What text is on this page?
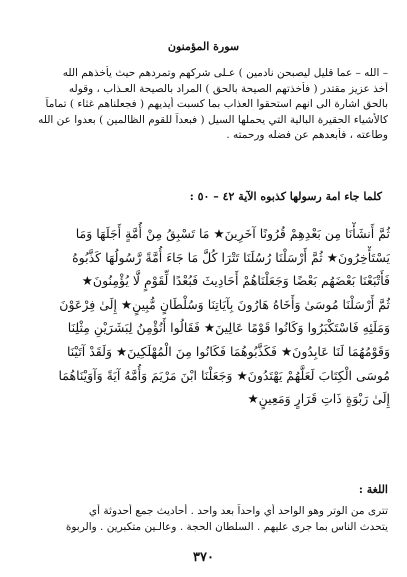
سورة المؤمنون

– الله – عما قليل ليصبحن نادمين ) عـلى شركهم وتمردهم حيث يأخذهم الله

أخذ عزيز مقتدر ( فأخذتهم الصيحة بالحق ) المراد بالصيحة العـذاب ، وقوله

بالحق اشارة الى انهم استحقوا العذاب بما كسبت أيديهم ( فجعلناهم غثاء ) تماماً

كالأشياء الحقيرة البالية التي يحملها السيل ( فبعداً للقوم الظالمين ) بعدوا عن الله

وطاعته ، فأبعدهم عن فضله ورحمته .

كلما جاء امة رسولها كذبوه الآية ٤٢ – ٥٠ :

ثُمَّ أَنشَأْنَا مِن بَعْدِهِمْ قُرُونًا آخَرِينَ★ مَا تَسْبِقُ مِنْ أُمَّةٍ أَجَلَهَا وَمَا

يَسْتَأْخِرُونَ★ ثُمَّ أَرْسَلْنَا رُسُلَنَا تَتْرَا كُلَّ مَا جَاءَ أُمَّةً رَّسُولُهَا كَذَّبُوهُ

فَأَتْبَعْنَا بَعْضَهُم بَعْضًا وَجَعَلْنَاهُمْ أَحَادِيثَ فَبُعْدًا لِّقَوْمٍ لَّا يُؤْمِنُونَ★

ثُمَّ أَرْسَلْنَا مُوسَىٰ وَأَخَاهُ هَارُونَ بِآيَاتِنَا وَسُلْطَانٍ مُّبِينٍ★ إِلَىٰ فِرْعَوْنَ

وَمَلَئِهِ فَاسْتَكْبَرُوا وَكَانُوا قَوْمًا عَالِينَ★ فَقَالُوا أَنُؤْمِنُ لِبَشَرَيْنِ مِثْلِنَا

وَقَوْمُهُمَا لَنَا عَابِدُونَ★ فَكَذَّبُوهُمَا فَكَانُوا مِنَ الْمُهْلَكِينَ★ وَلَقَدْ آتَيْنَا

مُوسَى الْكِتَابَ لَعَلَّهُمْ يَهْتَدُونَ★ وَجَعَلْنَا ابْنَ مَرْيَمَ وَأُمَّهُ آيَةً وَآوَيْنَاهُمَا

إِلَىٰ رَبْوَةٍ ذَاتِ قَرَارٍ وَمَعِينٍ★

اللغة :

تترى من الوتر وهو الواحد أي واحداً بعد واحد . أحاديث جمع أحدوثة أي

يتحدث الناس بما جرى عليهم . السلطان الحجة . وعالـين متكبرين . والربوة

٣٧٠
